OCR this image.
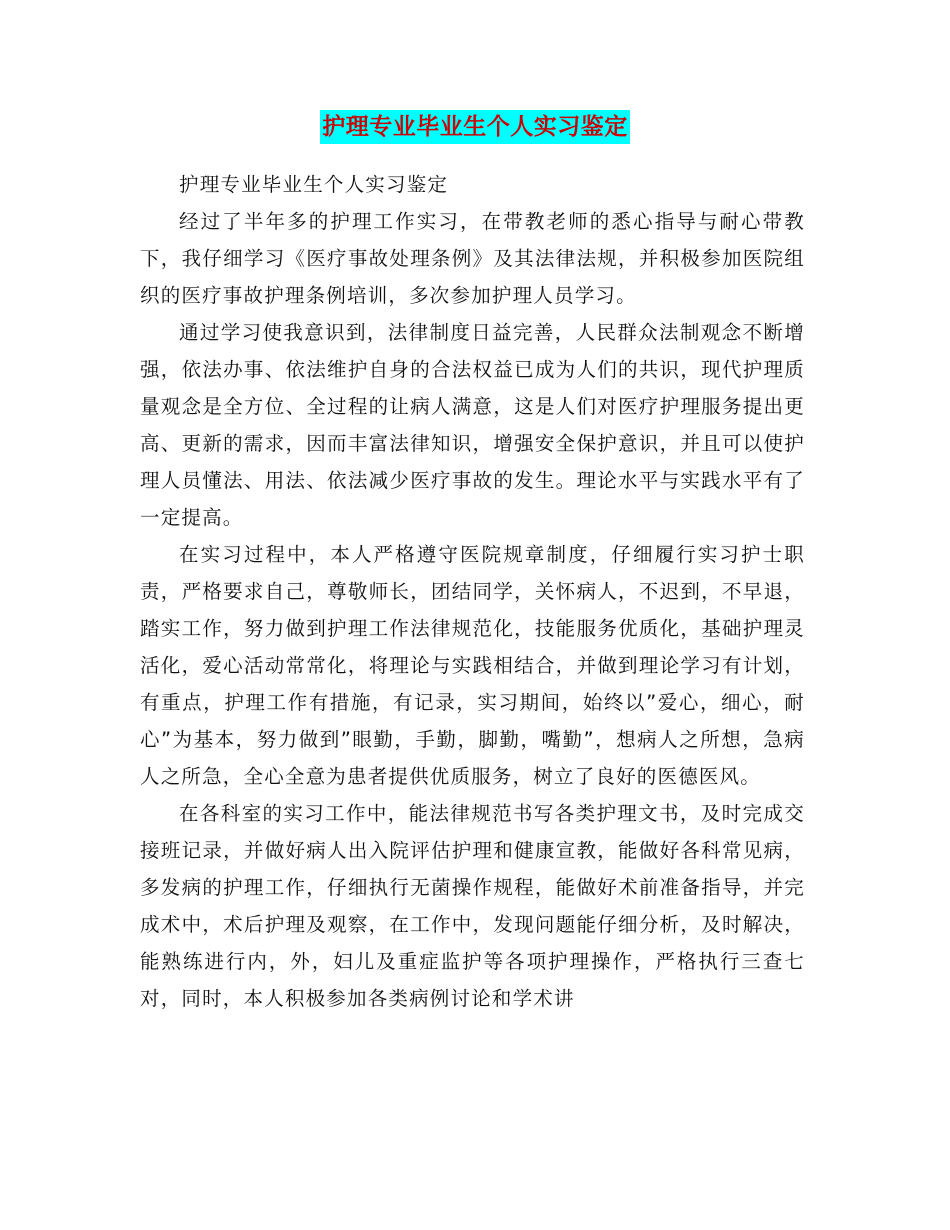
护理专业毕业生个人实习鉴定

护理专业毕业生个人实习鉴定

经过了半年多的护理工作实习，在带教老师的悉心指导与耐心带教下，我仔细学习《医疗事故处理条例》及其法律法规，并积极参加医院组织的医疗事故护理条例培训，多次参加护理人员学习。

通过学习使我意识到，法律制度日益完善，人民群众法制观念不断增强，依法办事、依法维护自身的合法权益已成为人们的共识，现代护理质量观念是全方位、全过程的让病人满意，这是人们对医疗护理服务提出更高、更新的需求，因而丰富法律知识，增强安全保护意识，并且可以使护理人员懂法、用法、依法减少医疗事故的发生。理论水平与实践水平有了一定提高。

在实习过程中，本人严格遵守医院规章制度，仔细履行实习护士职责，严格要求自己，尊敬师长，团结同学，关怀病人，不迟到，不早退，踏实工作，努力做到护理工作法律规范化，技能服务优质化，基础护理灵活化，爱心活动常常化，将理论与实践相结合，并做到理论学习有计划，有重点，护理工作有措施，有记录，实习期间，始终以”爱心，细心，耐心”为基本，努力做到”眼勤，手勤，脚勤，嘴勤”，想病人之所想，急病人之所急，全心全意为患者提供优质服务，树立了良好的医德医风。

在各科室的实习工作中，能法律规范书写各类护理文书，及时完成交接班记录，并做好病人出入院评估护理和健康宣教，能做好各科常见病，多发病的护理工作，仔细执行无菌操作规程，能做好术前准备指导，并完成术中，术后护理及观察，在工作中，发现问题能仔细分析，及时解决，能熟练进行内，外，妇儿及重症监护等各项护理操作，严格执行三查七对，同时，本人积极参加各类病例讨论和学术讲
